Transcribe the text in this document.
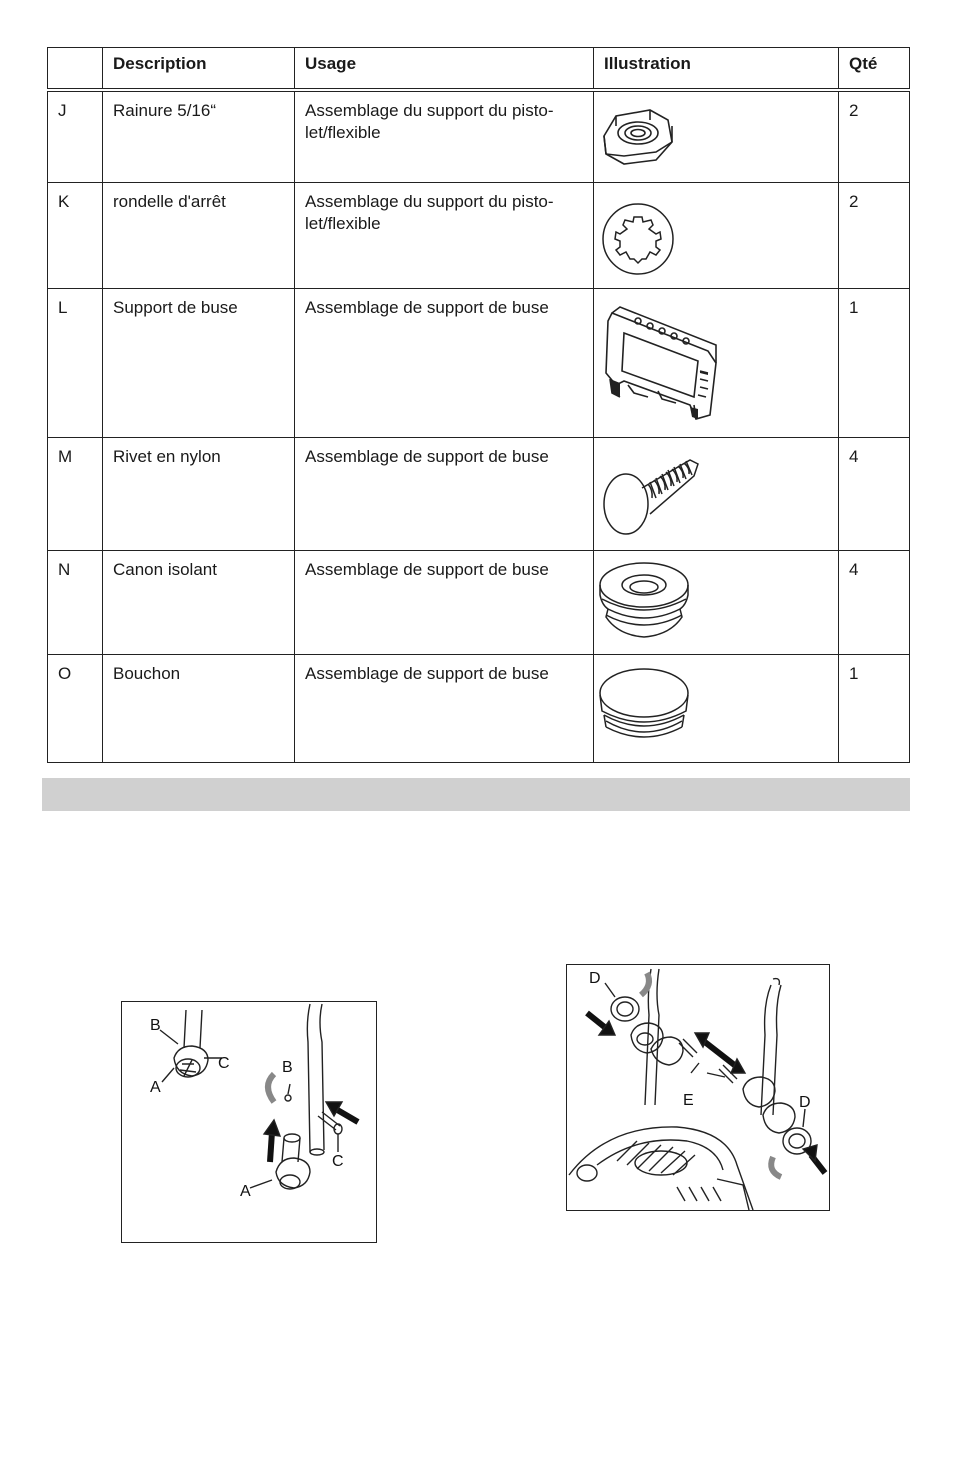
	Description	Usage	Illustration	Qté
J	Rainure 5/16“	Assemblage du support du pisto-let/flexible		2
K	rondelle d'arrêt	Assemblage du support du pisto-let/flexible		2
L	Support de buse	Assemblage de support de buse		1
M	Rivet en nylon	Assemblage de support de buse		4
N	Canon isolant	Assemblage de support de buse		4
O	Bouchon	Assemblage de support de buse		1
B
C
A
B
C
A
D
E	D
